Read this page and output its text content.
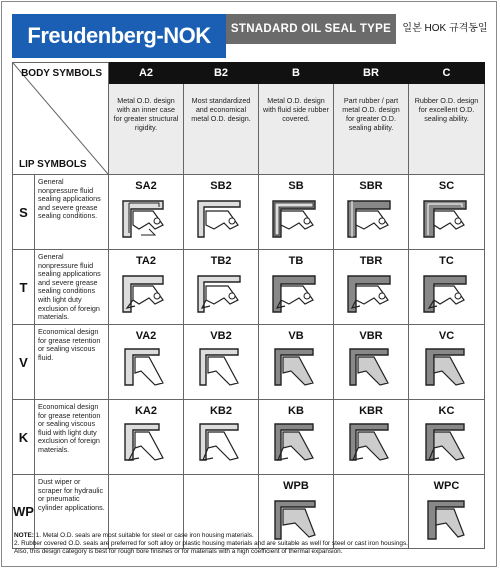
Freudenberg-NOK	STNADARD OIL SEAL TYPE	일본 HOK 규격동일
BODY SYMBOLS
LIP SYMBOLS		A2	B2	B	BR	C
		Metal O.D. design with an inner case for greater structural rigidity.	Most standardized and economical metal O.D. design.	Metal O.D. design with fluid side rubber covered.	Part rubber / part metal O.D. design for greater O.D. sealing ability.	Rubber O.D. design for excellent O.D. sealing ability.
S	General nonpressure fluid sealing applications and severe grease sealing conditions.	SA2	SB2	SB	SBR	SC

T	General nonpressure fluid sealing applications and severe grease sealing conditions with light duty exclusion of foreign materials.	TA2	TB2	TB	TBR	TC

V	Economical design for grease retention or sealing viscous fluid.	VA2	VB2	VB	VBR	VC

K	Economical design for grease retention or sealing viscous fluid with light duty exclusion of foreign materials.	KA2	KB2	KB	KBR	KC

WP	Dust wiper or scraper for hydraulic or pneumatic cylinder applications.			WPB		WPC
NOTE: 1. Metal O.D. seals are most suitable for steel or case iron housing materials.
2. Rubber covered O.D. seals are preferred for soft alloy or plastic housing materials and are suitable as well for steel or cast iron housings.
Also, this design category is best for rough bore finishes or for materials with a high coefficient of thermal expansion.
